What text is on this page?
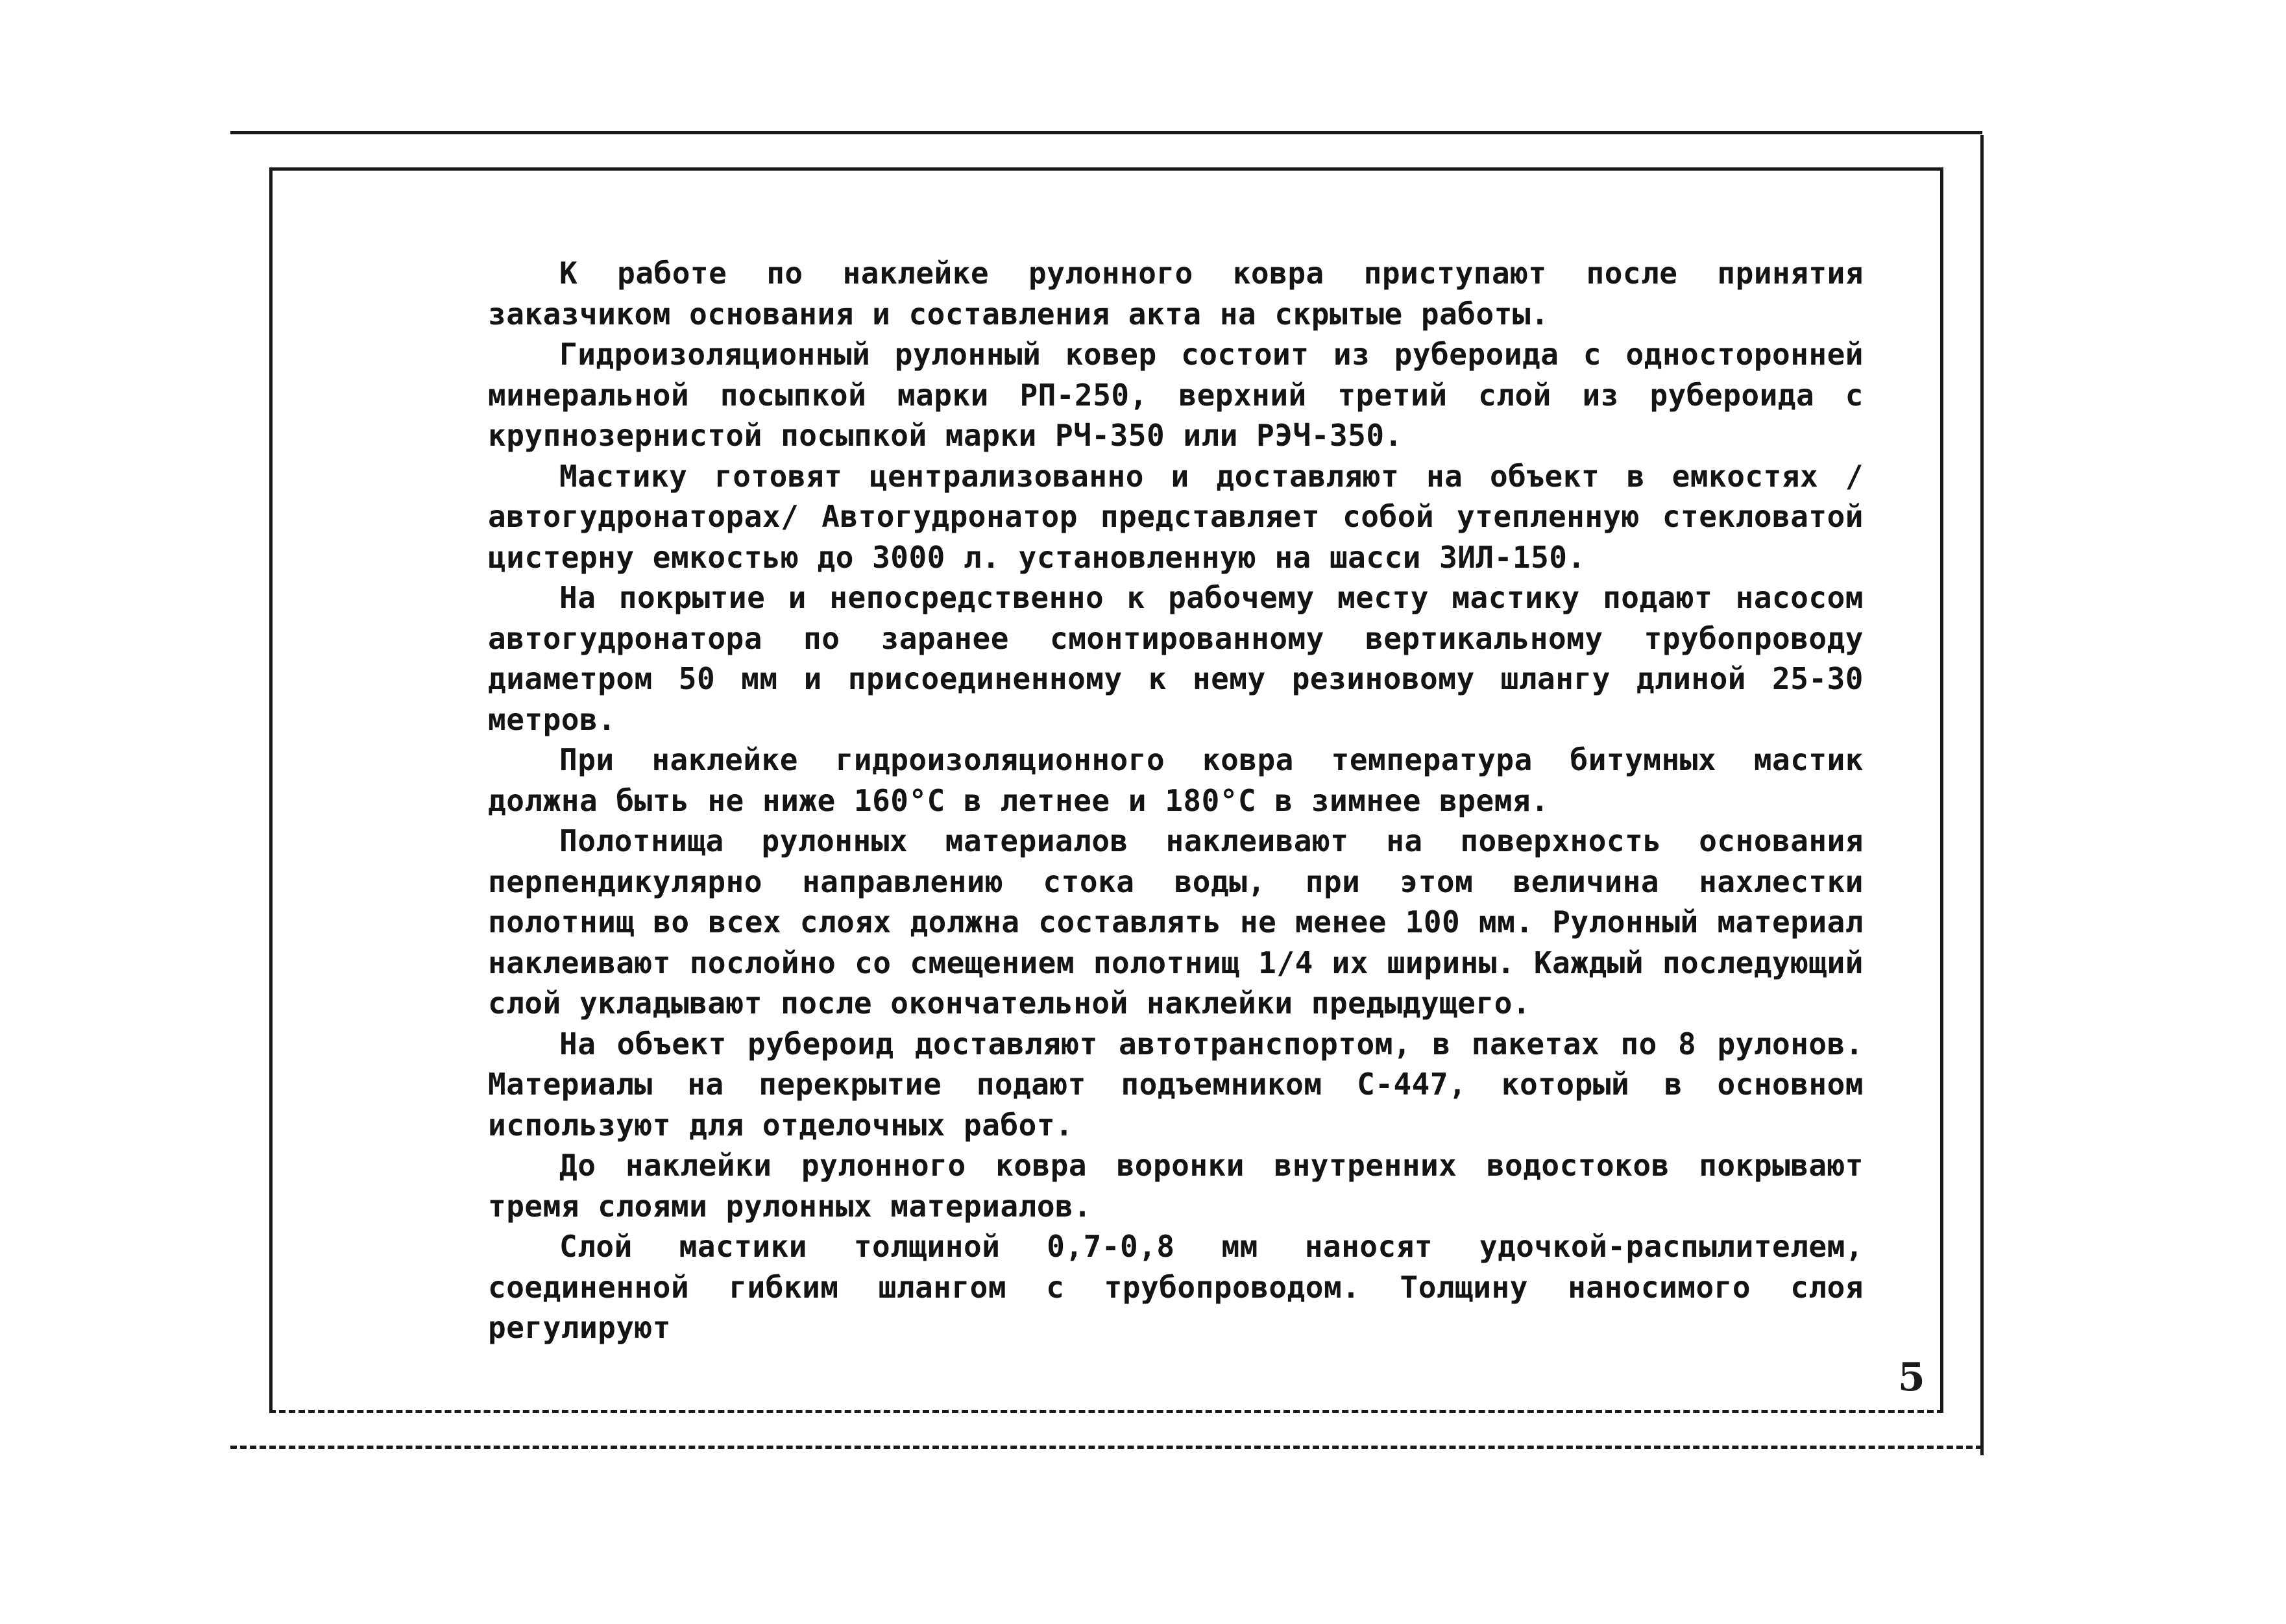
К работе по наклейке рулонного ковра приступают после принятия заказчиком основания и составления акта на скрытые работы.

Гидроизоляционный рулонный ковер состоит из рубероида с односторонней минеральной посыпкой марки РП-250, верхний третий слой из рубероида с крупнозернистой посыпкой марки РЧ-350 или РЭЧ-350.

Мастику готовят централизованно и доставляют на объект в емкостях /автогудронаторах/ Автогудронатор представляет собой утепленную стекловатой цистерну емкостью до 3000 л. установленную на шасси ЗИЛ-150.

На покрытие и непосредственно к рабочему месту мастику подают насосом автогудронатора по заранее смонтированному вертикальному трубопроводу диаметром 50 мм и присоединенному к нему резиновому шлангу длиной 25-30 метров.

При наклейке гидроизоляционного ковра температура битумных мастик должна быть не ниже 160°С в летнее и 180°С в зимнее время.

Полотнища рулонных материалов наклеивают на поверхность основания перпендикулярно направлению стока воды, при этом величина нахлестки полотнищ во всех слоях должна составлять не менее 100 мм. Рулонный материал наклеивают послойно со смещением полотнищ 1/4 их ширины. Каждый последующий слой укладывают после окончательной наклейки предыдущего.

На объект рубероид доставляют автотранспортом, в пакетах по 8 рулонов. Материалы на перекрытие подают подъемником С-447, который в основном используют для отделочных работ.

До наклейки рулонного ковра воронки внутренних водостоков покрывают тремя слоями рулонных материалов.

Слой мастики толщиной 0,7-0,8 мм наносят удочкой-распылителем, соединенной гибким шлангом с трубопроводом. Толщину наносимого слоя регулируют

5
